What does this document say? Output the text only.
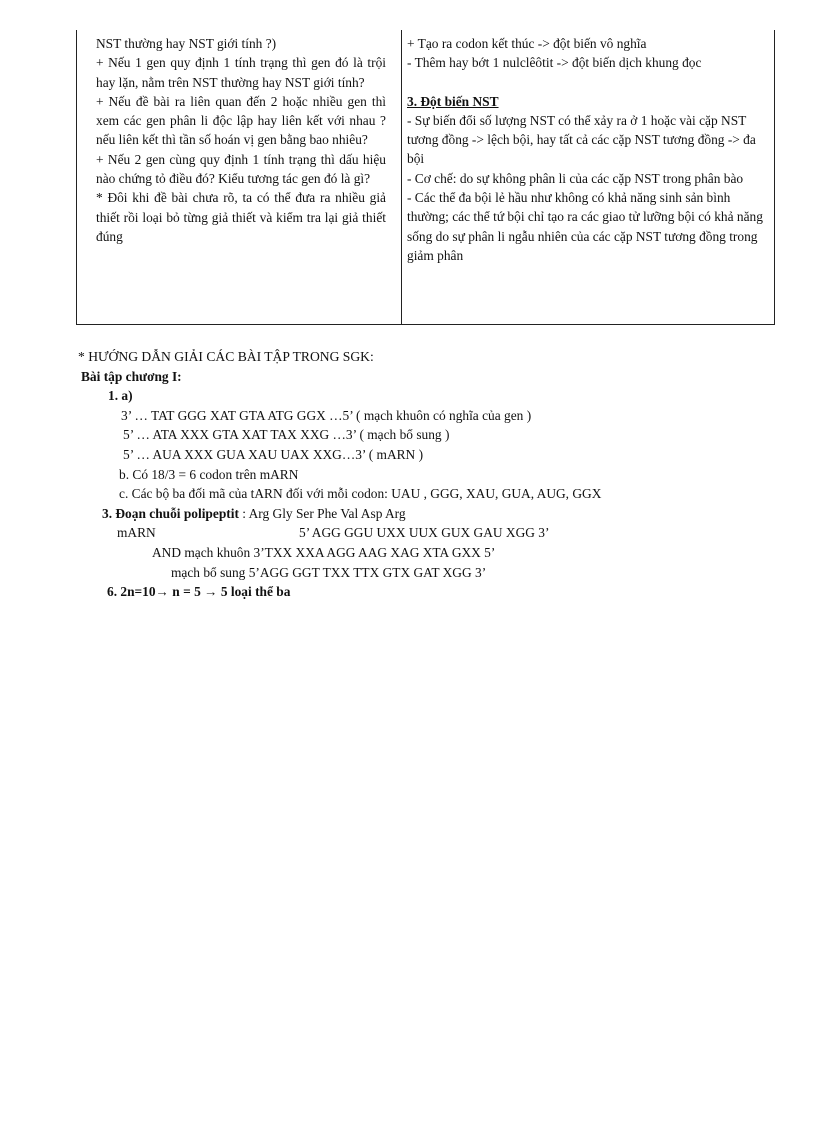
NST thường hay NST giới tính ?)

+ Nếu 1 gen quy định 1 tính trạng thì gen đó là trội hay lặn, nằm trên NST thường hay NST giới tính?

+ Nếu đề bài ra liên quan đến 2 hoặc nhiều gen thì xem các gen phân li độc lập hay liên kết với nhau ? nếu liên kết thì tần số hoán vị gen bằng bao nhiêu?

+ Nếu 2 gen cùng quy định 1 tính trạng thì dấu hiệu nào chứng tỏ điều đó? Kiểu tương tác gen đó là gì?

* Đôi khi đề bài chưa rõ, ta có thể đưa ra nhiều giả thiết rồi loại bỏ từng giả thiết và kiểm tra lại giả thiết đúng

+ Tạo ra codon kết thúc -> đột biến vô nghĩa

- Thêm hay bớt 1 nulclêôtit -> đột biến dịch khung đọc

3. Đột biến NST

- Sự biến đổi số lượng NST có thể xảy ra ở 1 hoặc vài cặp NST tương đồng -> lệch bội, hay tất cả các cặp NST tương đồng -> đa bội

- Cơ chế: do sự không phân li của các cặp NST trong phân bào

- Các thể đa bội lẻ hầu như không có khả năng sinh sản bình thường; các thể tứ bội chỉ tạo ra các giao tử lưỡng bội có khả năng sống do sự phân li ngẫu nhiên của các cặp NST tương đồng trong giảm phân

* HƯỚNG DẪN GIẢI CÁC BÀI TẬP TRONG SGK:
Bài tập chương I:
1. a)
3’ … TAT GGG XAT GTA ATG GGX …5’ ( mạch khuôn có nghĩa của gen )
5’ … ATA XXX GTA XAT TAX XXG …3’ ( mạch bổ sung )
5’ … AUA XXX GUA XAU UAX XXG…3’ ( mARN )
b. Có 18/3 = 6 codon trên mARN
c. Các bộ ba đối mã của tARN đối với mỗi codon: UAU , GGG, XAU, GUA, AUG, GGX
3. Đoạn chuỗi polipeptit : Arg Gly Ser Phe Val Asp Arg
mARN	5’ AGG GGU UXX UUX GUX GAU XGG 3’
AND mạch khuôn 3’TXX XXA AGG AAG XAG XTA GXX 5’
mạch bổ sung 5’AGG GGT TXX TTX GTX GAT XGG 3’
6. 2n=10→ n = 5 → 5 loại thể ba
